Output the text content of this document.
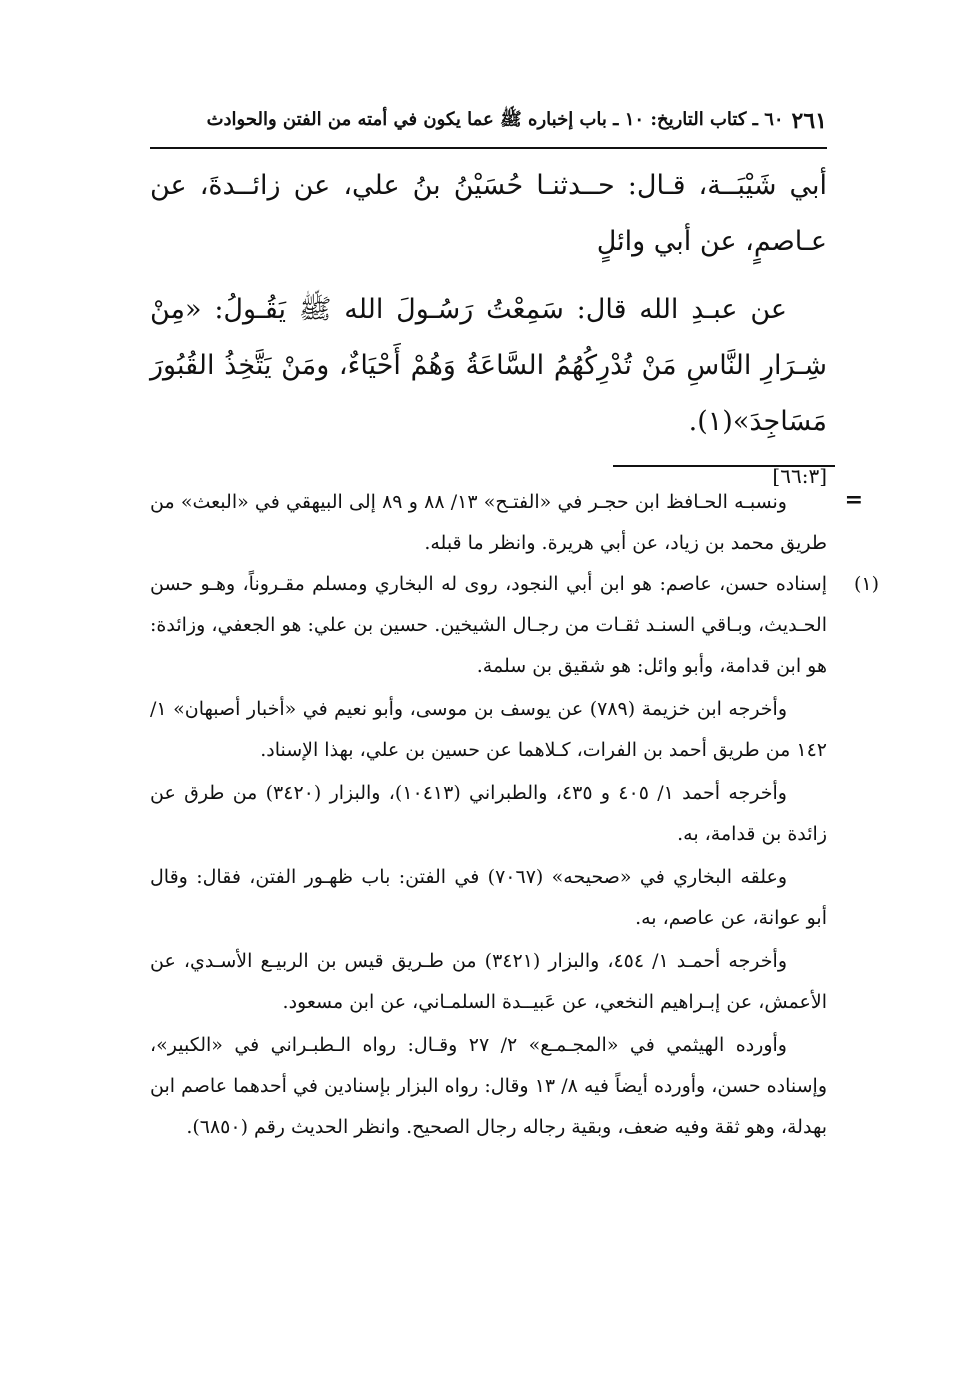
٢٦١
٦٠ ـ كتاب التاريخ: ١٠ ـ باب إخباره ﷺ عما يكون في أمته من الفتن والحوادث

أبي شَيْبَــة، قـال: حــدثنـا حُسَيْنُ بنُ علي، عن زائــدةَ، عن عـاصمٍ، عن أبي وائلٍ

عن عبـدِ الله قال: سَمِعْتُ رَسُـولَ الله ﷺ يَقُـولُ: «مِنْ شِـرَارِ النَّاسِ مَنْ تُدْرِكُهُمُ السَّاعَةُ وَهُمْ أَحْيَاءٌ، ومَنْ يَتَّخِذُ القُبُورَ مَسَاجِدَ»(١).

[٦٦:٣]
=

ونسبـه الحـافظ ابن حجـر في «الفتـح» ١٣/ ٨٨ و ٨٩ إلى البيهقي في «البعث» من طريق محمد بن زياد، عن أبي هريرة. وانظر ما قبله.

(١)

إسناده حسن، عاصم: هو ابن أبي النجود، روى له البخاري ومسلم مقـروناً، وهـو حسن الحـديث، وبـاقي السنـد ثقـات من رجـال الشيخين. حسين بن علي: هو الجعفي، وزائدة: هو ابن قدامة، وأبو وائل: هو شقيق بن سلمة.

وأخرجه ابن خزيمة (٧٨٩) عن يوسف بن موسى، وأبو نعيم في «أخبار أصبهان» ١/ ١٤٢ من طريق أحمد بن الفرات، كـلاهما عن حسين بن علي، بهذا الإسناد.

وأخرجه أحمد ١/ ٤٠٥ و ٤٣٥، والطبراني (١٠٤١٣)، والبزار (٣٤٢٠) من طرق عن زائدة بن قدامة، به.

وعلقه البخاري في «صحيحه» (٧٠٦٧) في الفتن: باب ظهـور الفتن، فقال: وقال أبو عوانة، عن عاصم، به.

وأخرجه أحمـد ١/ ٤٥٤، والبزار (٣٤٢١) من طـريق قيس بن الربيـع الأسـدي، عن الأعمش، عن إبـراهيم النخعي، عن عَبيــدة السلمـاني، عن ابن مسعود.

وأورده الهيثمي في «المجـمـع» ٢/ ٢٧ وقـال: رواه الـطبـراني في «الكبير»، وإسناده حسن، وأورده أيضاً فيه ٨/ ١٣ وقال: رواه البزار بإسنادين في أحدهما عاصم ابن بهدلة، وهو ثقة وفيه ضعف، وبقية رجاله رجال الصحيح. وانظر الحديث رقم (٦٨٥٠).
